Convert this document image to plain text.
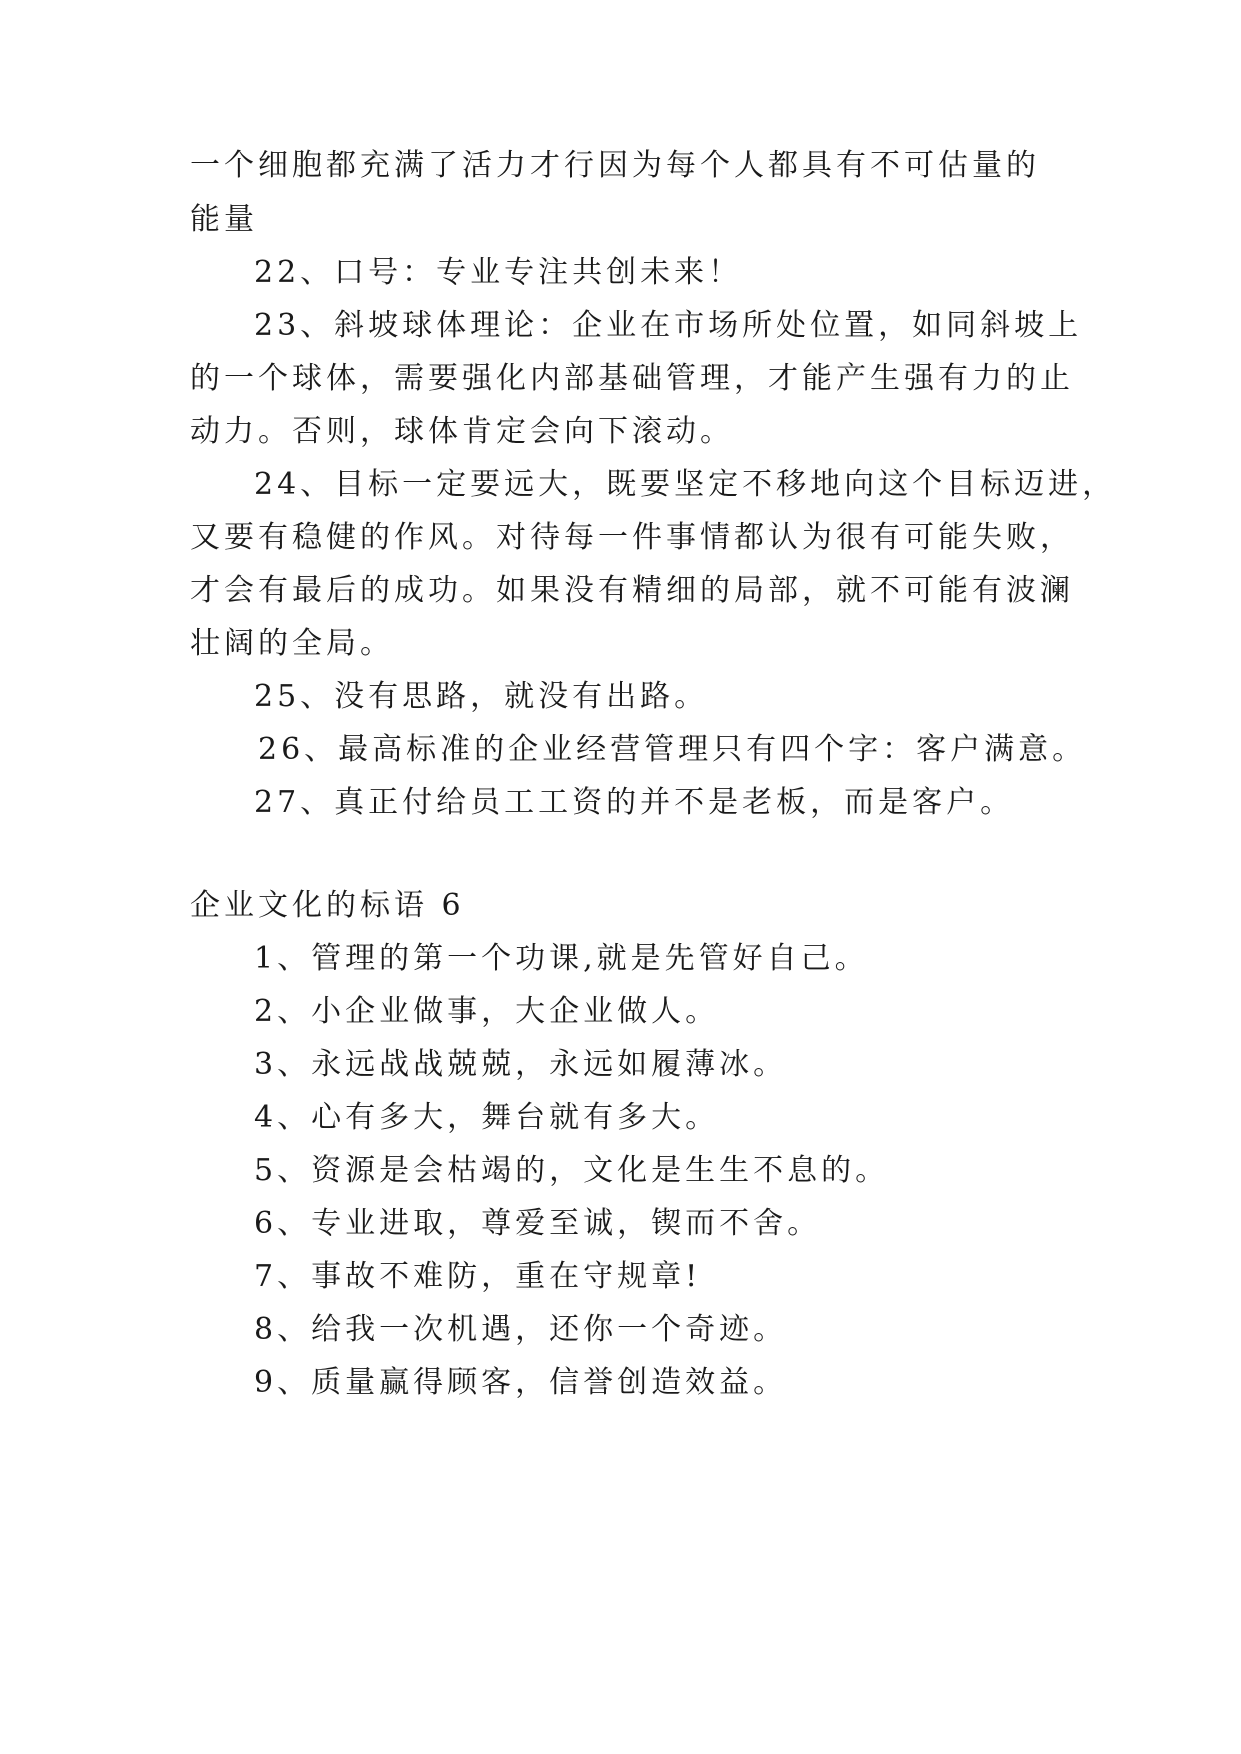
一个细胞都充满了活力才行因为每个人都具有不可估量的

能量

22、口号：专业专注共创未来！

23、斜坡球体理论：企业在市场所处位置，如同斜坡上

的一个球体，需要强化内部基础管理，才能产生强有力的止

动力。否则，球体肯定会向下滚动。

24、目标一定要远大，既要坚定不移地向这个目标迈进，

又要有稳健的作风。对待每一件事情都认为很有可能失败，

才会有最后的成功。如果没有精细的局部，就不可能有波澜

壮阔的全局。

25、没有思路，就没有出路。

26、最高标准的企业经营管理只有四个字：客户满意。

27、真正付给员工工资的并不是老板，而是客户。

企业文化的标语 6

1、管理的第一个功课,就是先管好自己。

2、小企业做事，大企业做人。

3、永远战战兢兢，永远如履薄冰。

4、心有多大，舞台就有多大。

5、资源是会枯竭的，文化是生生不息的。

6、专业进取，尊爱至诚，锲而不舍。

7、事故不难防，重在守规章!

8、给我一次机遇，还你一个奇迹。

9、质量赢得顾客，信誉创造效益。
